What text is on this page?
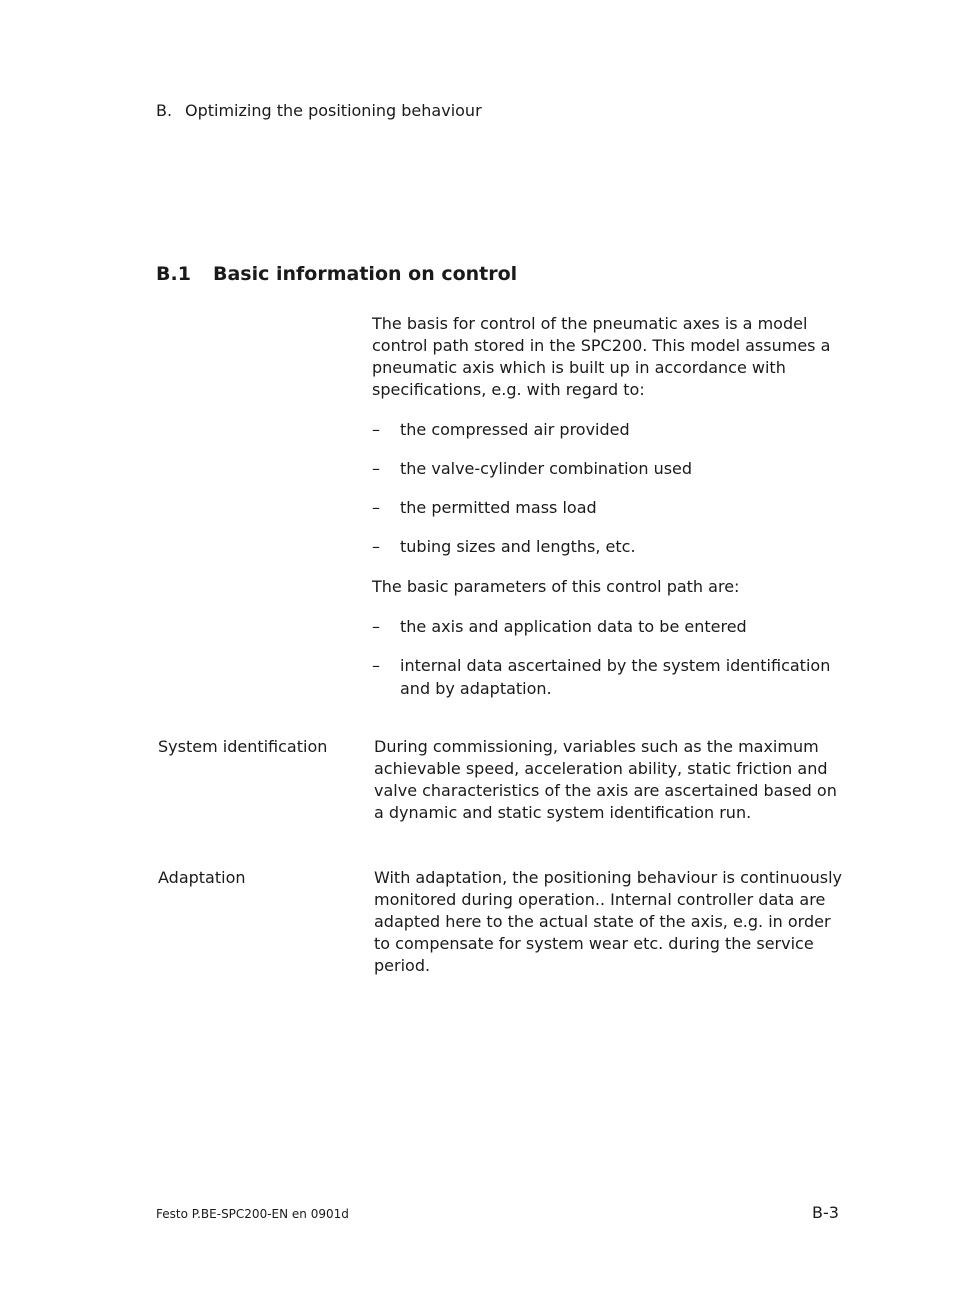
B. Optimizing the positioning behaviour
B.1 Basic information on control

The basis for control of the pneumatic axes is a model control path stored in the SPC200. This model assumes a pneumatic axis which is built up in accordance with specifications, e.g. with regard to:

– the compressed air provided
– the valve-cylinder combination used
– the permitted mass load
– tubing sizes and lengths, etc.

The basic parameters of this control path are:

– the axis and application data to be entered
– internal data ascertained by the system identification and by adaptation.
System identification	During commissioning, variables such as the maximum achievable speed, acceleration ability, static friction and valve characteristics of the axis are ascertained based on a dynamic and static system identification run.

Adaptation	With adaptation, the positioning behaviour is continuously monitored during operation.. Internal controller data are adapted here to the actual state of the axis, e.g. in order to compensate for system wear etc. during the service period.

Festo P.BE-SPC200-EN en 0901d	B-3
